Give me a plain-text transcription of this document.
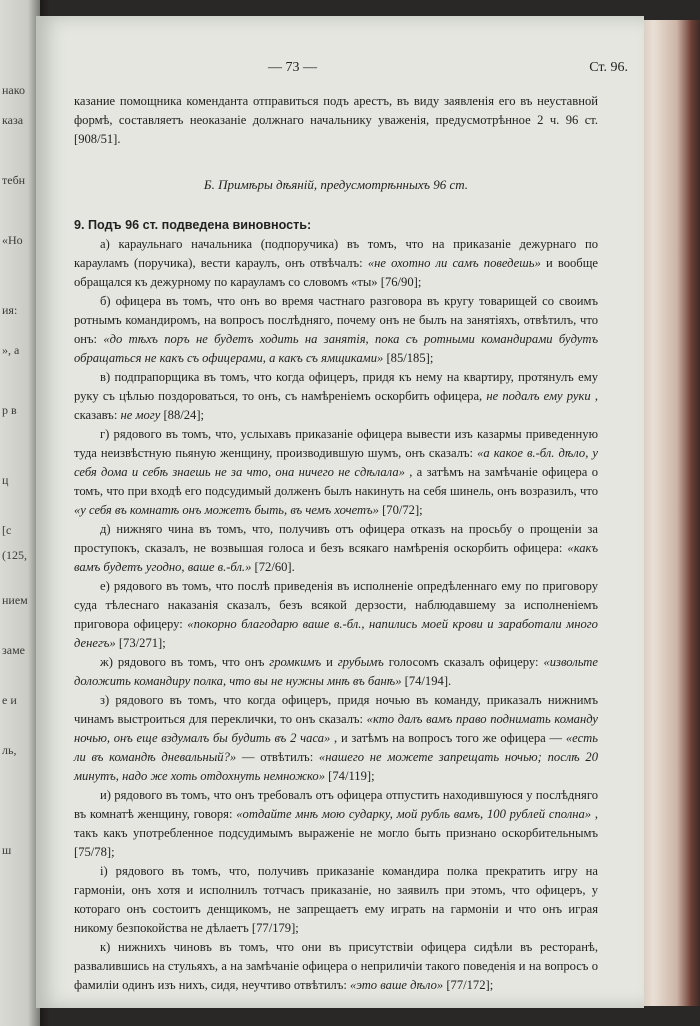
нако
каза
тебн
«Но
ия:
», а
р в
ц
[с
(125,
нием
заме
е и
ль,
ш
— 73 —	Ст. 96.

казание помощника коменданта отправиться подъ арестъ, въ виду заявленія его въ неуставной формѣ, составляетъ неоказаніе должнаго начальнику уваженія, предусмотрѣнное 2 ч. 96 ст. [908/51].

Б. Примѣры дѣяній, предусмотрѣнныхъ 96 ст.
9. Подъ 96 ст. подведена виновность:

а) караульнаго начальника (подпоручика) въ томъ, что на приказаніе дежурнаго по карауламъ (поручика), вести караулъ, онъ отвѣчалъ: «не охотно ли самъ поведешь» и вообще обращался къ дежурному по карауламъ со словомъ «ты» [76/90];

б) офицера въ томъ, что онъ во время частнаго разговора въ кругу товарищей со своимъ ротнымъ командиромъ, на вопросъ послѣдняго, почему онъ не былъ на занятіяхъ, отвѣтилъ, что онъ: «до тѣхъ поръ не будетъ ходить на занятія, пока съ ротными командирами будутъ обращаться не какъ съ офицерами, а какъ съ ямщиками» [85/185];

в) подпрапорщика въ томъ, что когда офицеръ, придя къ нему на квартиру, протянулъ ему руку съ цѣлью поздороваться, то онъ, съ намѣреніемъ оскорбить офицера, не подалъ ему руки , сказавъ: не могу [88/24];

г) рядового въ томъ, что, услыхавъ приказаніе офицера вывести изъ казармы приведенную туда неизвѣстную пьяную женщину, производившую шумъ, онъ сказалъ: «а какое в.-бл. дѣло, у себя дома и себѣ знаешь не за что, она ничего не сдѣлала» , а затѣмъ на замѣчаніе офицера о томъ, что при входѣ его подсудимый долженъ былъ накинуть на себя шинель, онъ возразилъ, что «у себя въ комнатѣ онъ можетъ быть, въ чемъ хочетъ» [70/72];

д) нижняго чина въ томъ, что, получивъ отъ офицера отказъ на просьбу о прощеніи за проступокъ, сказалъ, не возвышая голоса и безъ всякаго намѣренія оскорбить офицера: «какъ вамъ будетъ угодно, ваше в.-бл.» [72/60].

е) рядового въ томъ, что послѣ приведенія въ исполненіе опредѣленнаго ему по приговору суда тѣлеснаго наказанія сказалъ, безъ всякой дерзости, наблюдавшему за исполненіемъ приговора офицеру: «покорно благодарю ваше в.-бл., напились моей крови и заработали много денегъ» [73/271];

ж) рядового въ томъ, что онъ громкимъ и грубымъ голосомъ сказалъ офицеру: «извольте доложить командиру полка, что вы не нужны мнѣ въ банѣ» [74/194].

з) рядового въ томъ, что когда офицеръ, придя ночью въ команду, приказалъ нижнимъ чинамъ выстроиться для переклички, то онъ сказалъ: «кто далъ вамъ право поднимать команду ночью, онъ еще вздумалъ бы будить въ 2 часа» , и затѣмъ на вопросъ того же офицера — «есть ли въ командѣ дневальный?» — отвѣтилъ: «нашего не можете запрещать ночью; послѣ 20 минутъ, надо же хоть отдохнуть немножко» [74/119];

и) рядового въ томъ, что онъ требовалъ отъ офицера отпустить находившуюся у послѣдняго въ комнатѣ женщину, говоря: «отдайте мнѣ мою сударку, мой рубль вамъ, 100 рублей сполна» , такъ какъ употребленное подсудимымъ выраженіе не могло быть признано оскорбительнымъ [75/78];

і) рядового въ томъ, что, получивъ приказаніе командира полка прекратить игру на гармоніи, онъ хотя и исполнилъ тотчасъ приказаніе, но заявилъ при этомъ, что офицеръ, у котораго онъ состоитъ денщикомъ, не запрещаетъ ему играть на гармоніи и что онъ играя никому безпокойства не дѣлаетъ [77/179];

к) нижнихъ чиновъ въ томъ, что они въ присутствіи офицера сидѣли въ ресторанѣ, развалившись на стульяхъ, а на замѣчаніе офицера о неприличіи такого поведенія и на вопросъ о фамиліи одинъ изъ нихъ, сидя, неучтиво отвѣтилъ: «это ваше дѣло» [77/172];
